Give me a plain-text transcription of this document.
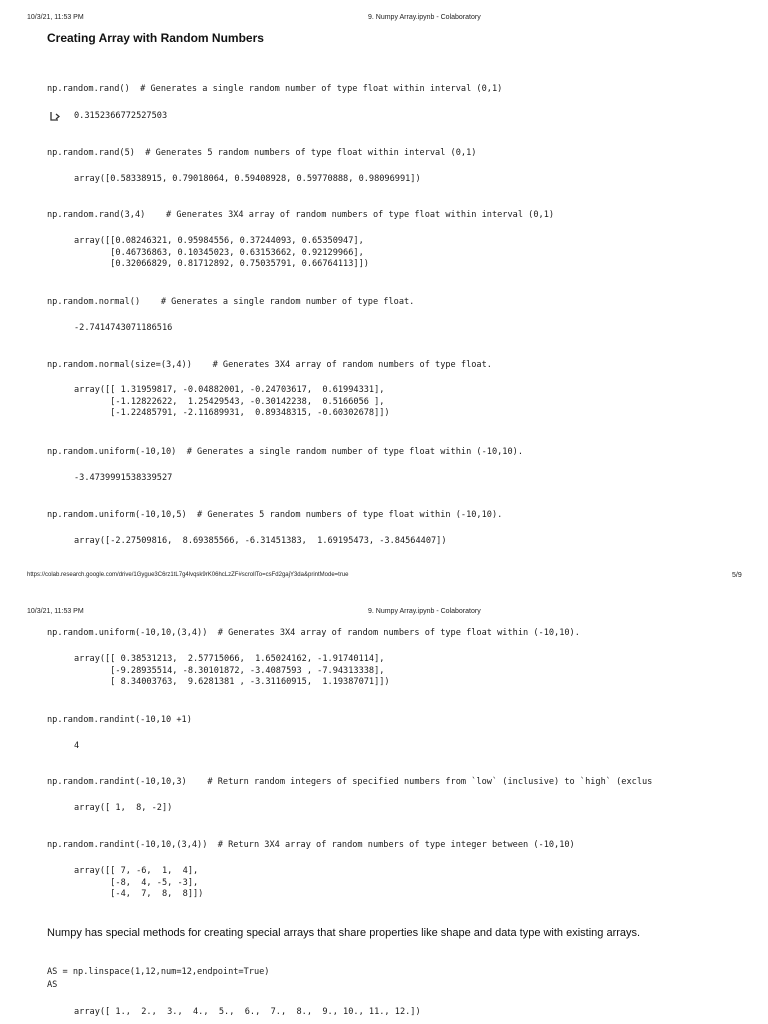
10/3/21, 11:53 PM	9. Numpy Array.ipynb - Colaboratory
Creating Array with Random Numbers
np.random.rand()  # Generates a single random number of type float within interval (0,1)
0.3152366772527503
np.random.rand(5)  # Generates 5 random numbers of type float within interval (0,1)
array([0.58338915, 0.79018064, 0.59408928, 0.59770888, 0.98096991])
np.random.rand(3,4)    # Generates 3X4 array of random numbers of type float within interval (0,1)
array([[0.08246321, 0.95984556, 0.37244093, 0.65350947],
[0.46736863, 0.10345023, 0.63153662, 0.92129966],
[0.32066829, 0.81712892, 0.75035791, 0.66764113]])
np.random.normal()    # Generates a single random number of type float.
-2.7414743071186516
np.random.normal(size=(3,4))    # Generates 3X4 array of random numbers of type float.
array([[ 1.31959817, -0.04882001, -0.24703617,  0.61994331],
[-1.12822622,  1.25429543, -0.30142238,  0.5166056 ],
[-1.22485791, -2.11689931,  0.89348315, -0.60302678]])
np.random.uniform(-10,10)  # Generates a single random number of type float within (-10,10).
-3.4739991538339527
np.random.uniform(-10,10,5)  # Generates 5 random numbers of type float within (-10,10).
array([-2.27509816,  8.69385566, -6.31451383,  1.69195473, -3.84564407])
https://colab.research.google.com/drive/1Gygue3C6rz1tL7g4lvqsk9rK06hcLzZF#scrollTo=csFd2gajY3da&printMode=true	5/9
10/3/21, 11:53 PM	9. Numpy Array.ipynb - Colaboratory
np.random.uniform(-10,10,(3,4))  # Generates 3X4 array of random numbers of type float within (-10,10).
array([[ 0.38531213,  2.57715066,  1.65024162, -1.91740114],
[-9.28935514, -8.30101872, -3.4087593 , -7.94313338],
[ 8.34003763,  9.6281381 , -3.31160915,  1.19387071]])
np.random.randint(-10,10 +1)
4
np.random.randint(-10,10,3)    # Return random integers of specified numbers from `low` (inclusive) to `high` (exclus
array([ 1,  8, -2])
np.random.randint(-10,10,(3,4))  # Return 3X4 array of random numbers of type integer between (-10,10)
array([[ 7, -6,  1,  4],
[-8,  4, -5, -3],
[-4,  7,  8,  8]])
Numpy has special methods for creating special arrays that share properties like shape and data type with existing arrays.
AS = np.linspace(1,12,num=12,endpoint=True)
AS
array([ 1.,  2.,  3.,  4.,  5.,  6.,  7.,  8.,  9., 10., 11., 12.])
